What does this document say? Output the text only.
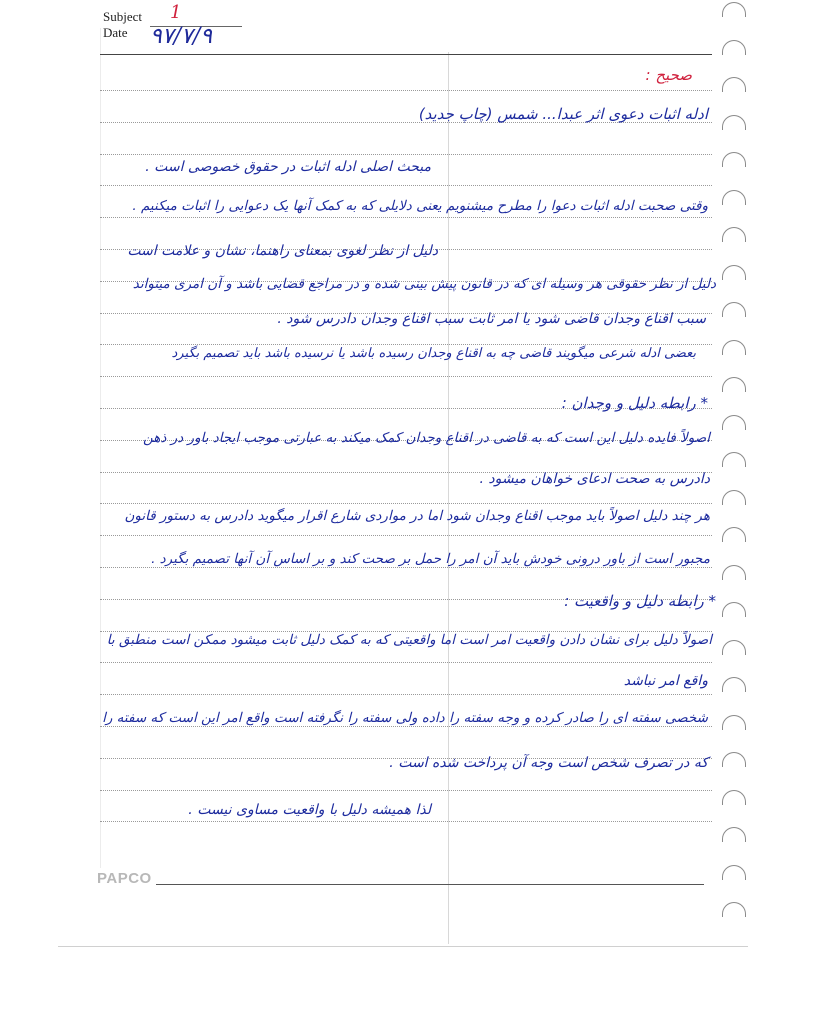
Subject 1
Date ۹۷/۷/۹
صحیح :
ادله اثبات دعوی اثر عبدا... شمس (چاپ جدید)
مبحث اصلی ادله اثبات در حقوق خصوصی است .
وقتی صحبت ادله اثبات دعوا را مطرح میشنویم یعنی دلایلی که به کمک آنها یک دعوایی را اثبات میکنیم .
دلیل از نظر لغوی بمعنای راهنما، نشان و علامت است
دلیل از نظر حقوقی هر وسیله ای که در قانون پیش بینی شده و در مراجع قضایی باشد و آن امری میتواند
سبب اقناع وجدان قاضی شود یا امر ثابت سبب اقناع وجدان دادرس شود .
بعضی ادله شرعی میگویند قاضی چه به اقناع وجدان رسیده باشد یا نرسیده باشد باید تصمیم بگیرد
* رابطه دلیل و وجدان :
اصولاً فایده دلیل این است که به قاضی در اقناع وجدان کمک میکند به عبارتی موجب ایجاد باور در ذهن
دادرس به صحت ادعای خواهان میشود .
هر چند دلیل اصولاً باید موجب اقناع وجدان شود اما در مواردی شارع اقرار میگوید دادرس به دستور قانون
مجبور است از باور درونی خودش باید آن امر را حمل بر صحت کند و بر اساس آن آنها تصمیم بگیرد .
* رابطه دلیل و واقعیت :
اصولاً دلیل برای نشان دادن واقعیت امر است اما واقعیتی که به کمک دلیل ثابت میشود ممکن است منطبق با
واقع امر نباشد
شخصی سفته ای را صادر کرده و وجه سفته را داده ولی سفته را نگرفته است واقع امر این است که سفته را
که در تصرف شخص است وجه آن پرداخت شده است .
لذا همیشه دلیل با واقعیت مساوی نیست .
PAPCO
